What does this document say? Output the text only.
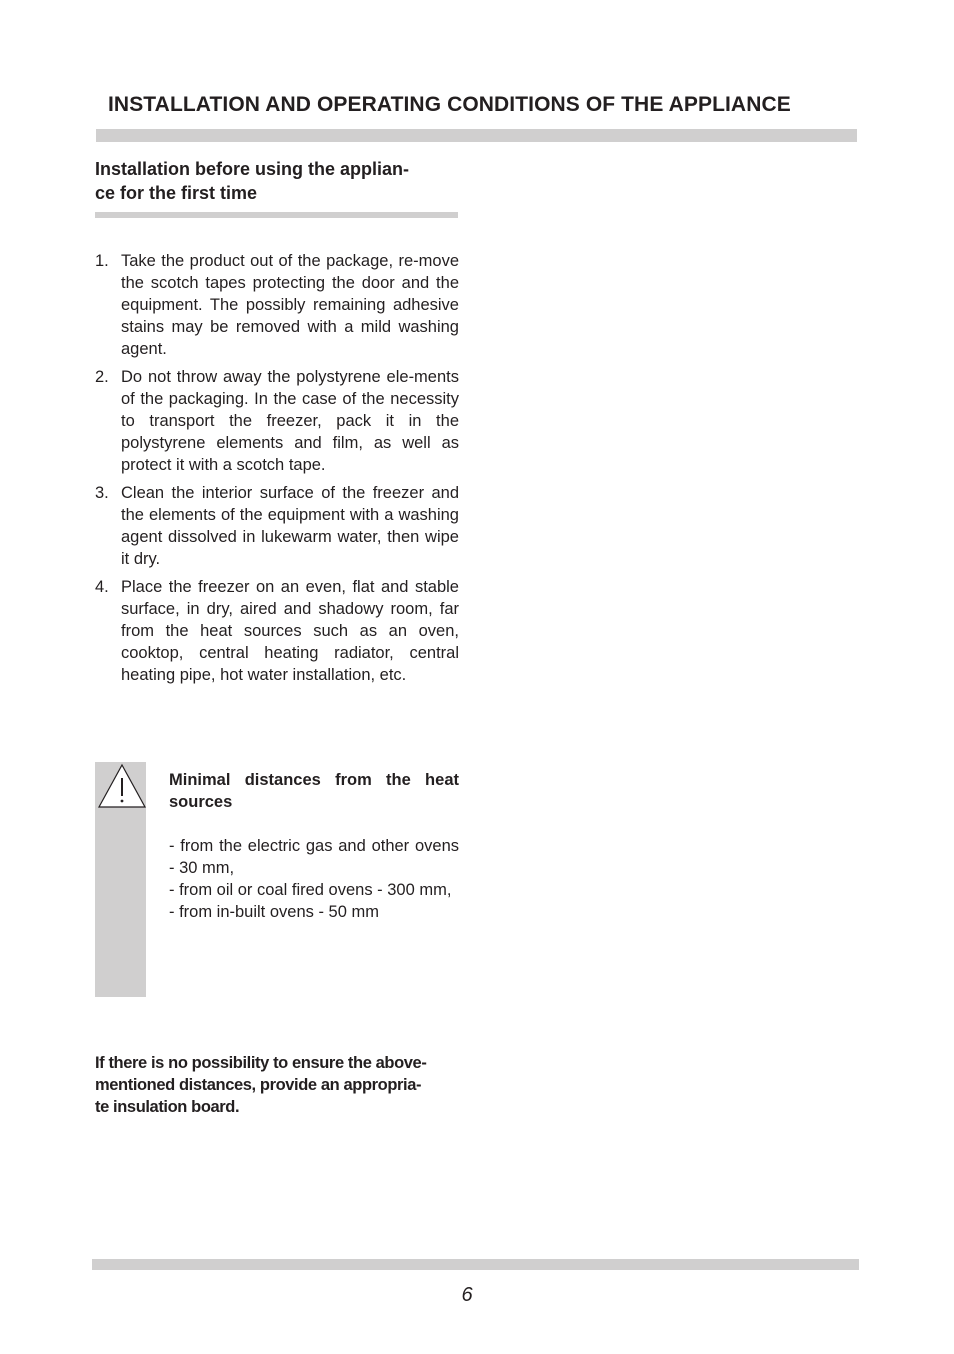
INSTALLATION AND OPERATING CONDITIONS OF THE APPLIANCE
Installation before using the applian-
ce for the first time
1. Take the product out of the package, re-move the scotch tapes protecting the door and the equipment. The possibly remaining adhesive stains may be removed with a mild washing agent.
2. Do not throw away the polystyrene ele-ments of the packaging. In the case of the necessity to transport the freezer, pack it in the polystyrene elements and film, as well as protect it with a scotch tape.
3. Clean the interior surface of the freezer and the elements of the equipment with a washing agent dissolved in lukewarm water, then wipe it dry.
4. Place the freezer on an even, flat and stable surface, in dry, aired and shadowy room, far from the heat sources such as an oven, cooktop, central heating radiator, central heating pipe, hot water installation, etc.
Minimal distances from the heat sources
- from the electric gas and other ovens - 30 mm,
- from oil or coal fired ovens - 300 mm,
- from in-built ovens - 50 mm
If there is no possibility to ensure the above-
mentioned distances, provide an appropria-
te insulation board.
6
